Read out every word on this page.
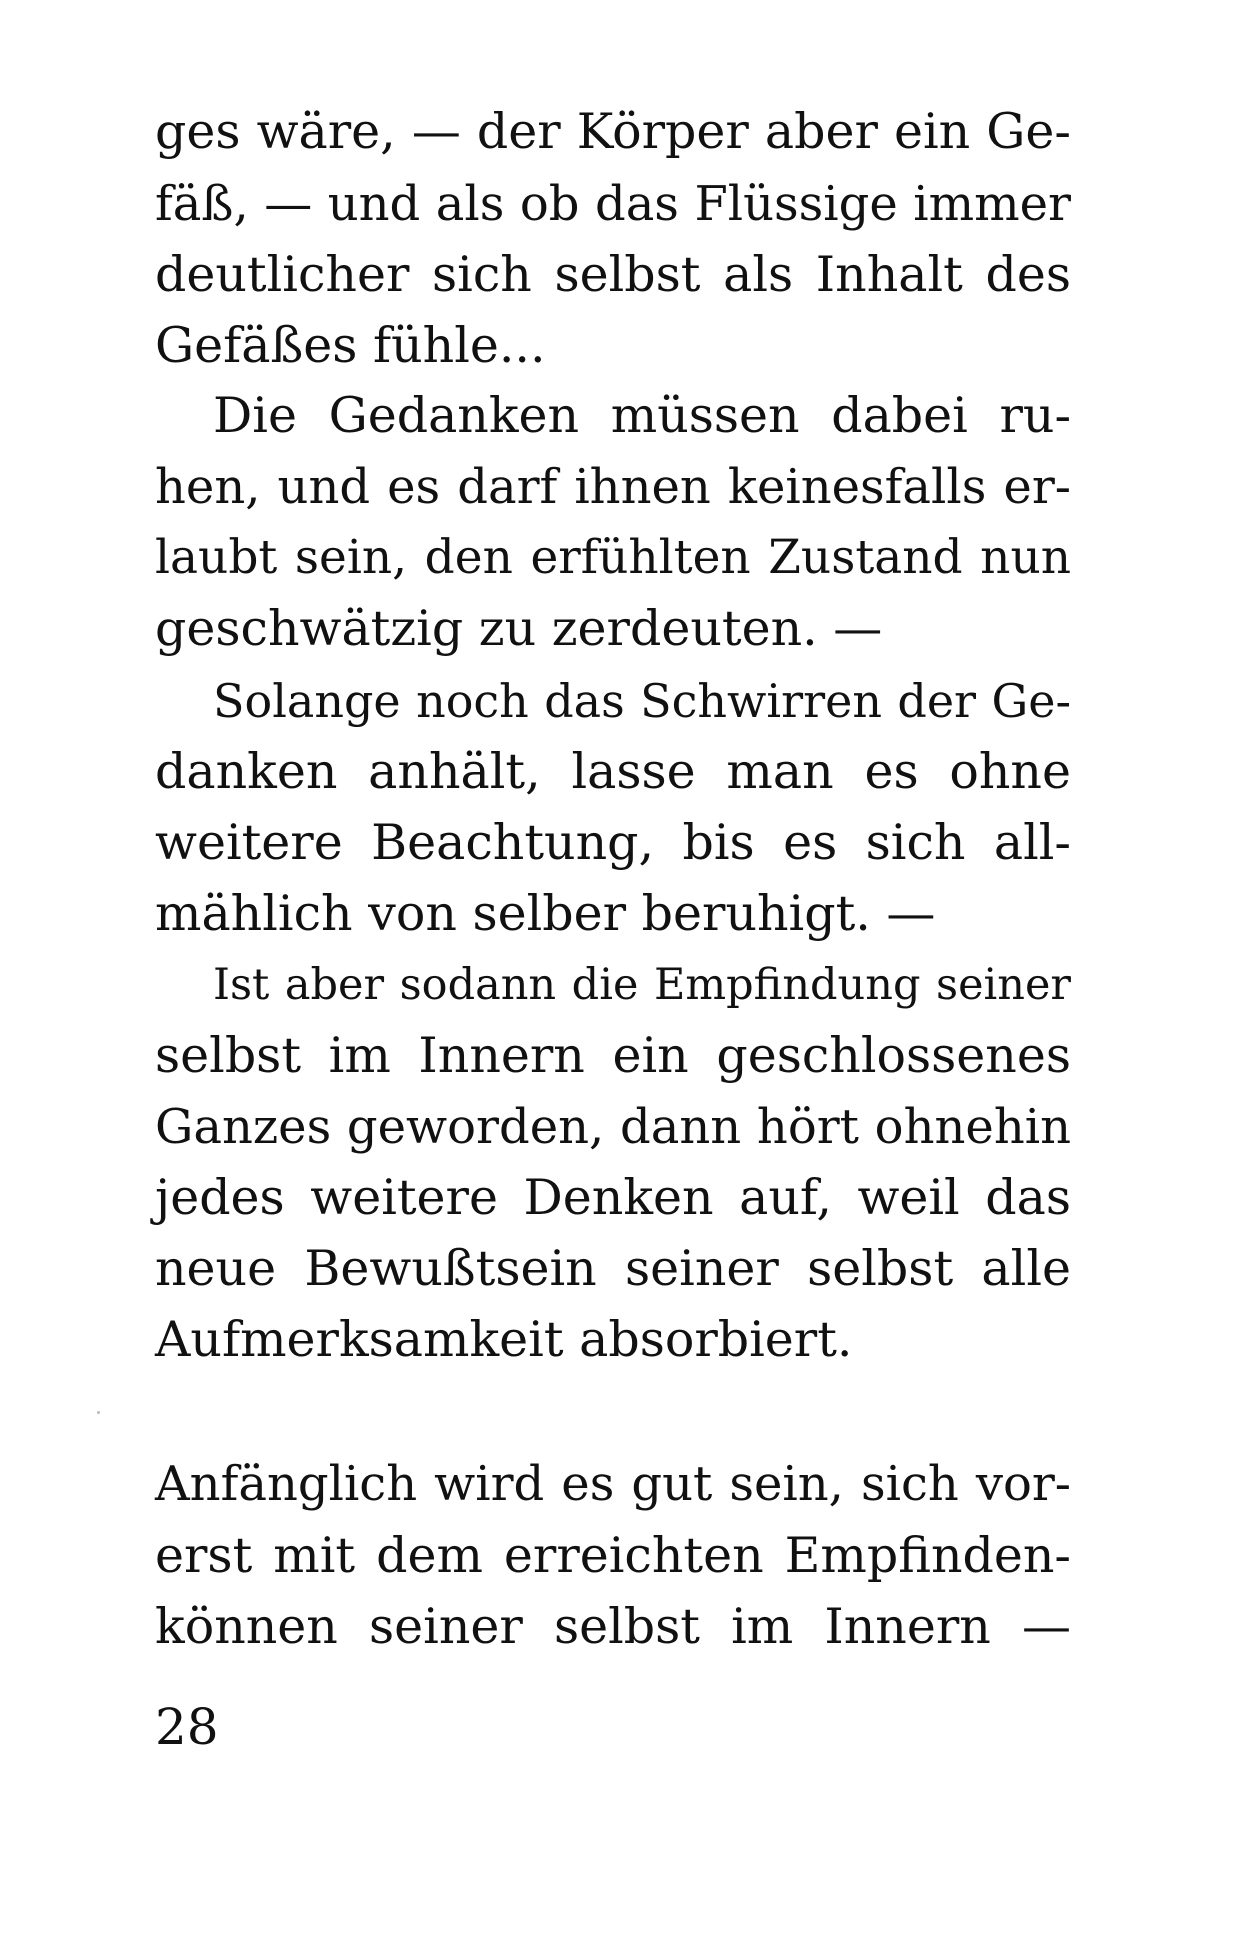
ges wäre, — der Körper aber ein Ge-
fäß, — und als ob das Flüssige immer
deutlicher sich selbst als Inhalt des
Gefäßes fühle...
Die Gedanken müssen dabei ru-
hen, und es darf ihnen keinesfalls er-
laubt sein, den erfühlten Zustand nun
geschwätzig zu zerdeuten. —
Solange noch das Schwirren der Ge-
danken anhält, lasse man es ohne
weitere Beachtung, bis es sich all-
mählich von selber beruhigt. —
Ist aber sodann die Empfindung seiner
selbst im Innern ein geschlossenes
Ganzes geworden, dann hört ohnehin
jedes weitere Denken auf, weil das
neue Bewußtsein seiner selbst alle
Aufmerksamkeit absorbiert.
Anfänglich wird es gut sein, sich vor-
erst mit dem erreichten Empfinden-
können seiner selbst im Innern —
28
